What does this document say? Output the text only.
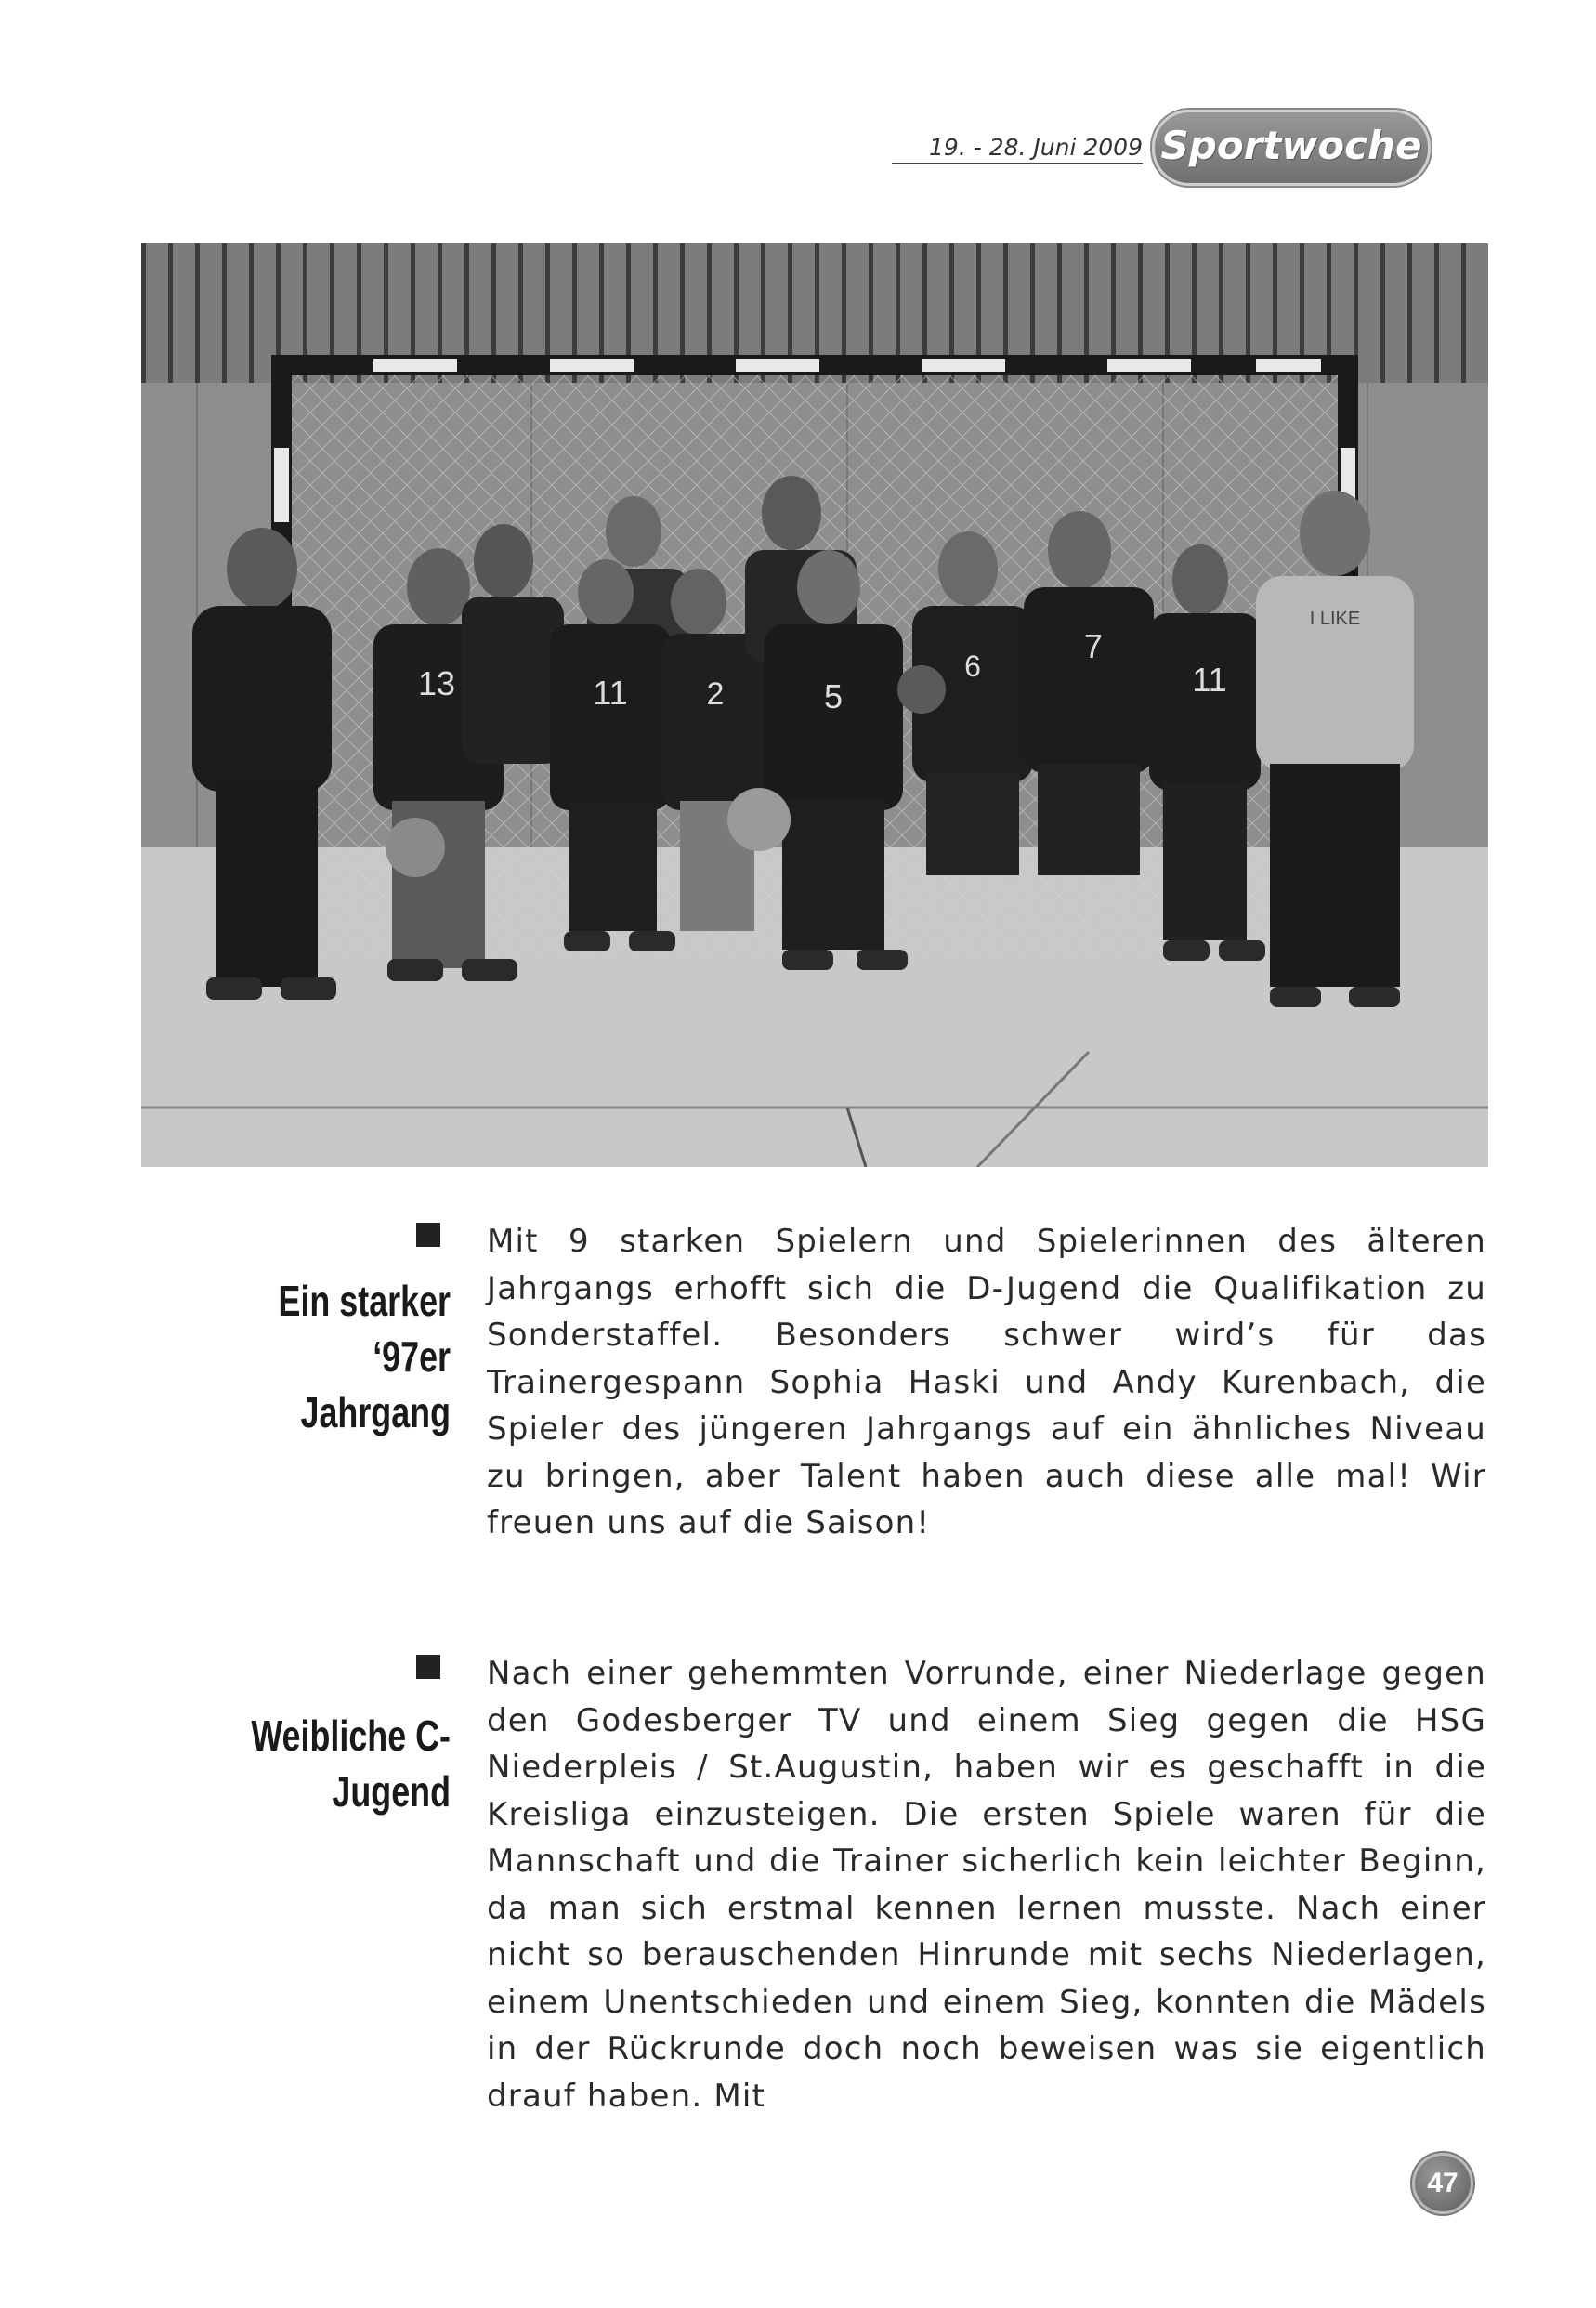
19. - 28. Juni 2009 Sportwoche
13	11 2	5
6
7
11
I LIKE
Ein starker ‘97er
Jahrgang
Mit 9 starken Spielern und Spielerinnen des älteren Jahrgangs erhofft sich die D-Jugend die Qualifikation zu Sonderstaffel. Besonders schwer wird’s für das Trainergespann Sophia Haski und Andy Kurenbach, die Spieler des jüngeren Jahrgangs auf ein ähnliches Niveau zu bringen, aber Talent haben auch diese alle mal! Wir freuen uns auf die Saison!
Weibliche C-
Jugend
Nach einer gehemmten Vorrunde, einer Niederlage gegen den Godesberger TV und einem Sieg gegen die HSG Niederpleis / St.Augustin, haben wir es geschafft in die Kreisliga einzusteigen. Die ersten Spiele waren für die Mannschaft und die Trainer sicherlich kein leichter Beginn, da man sich erstmal kennen lernen musste. Nach einer nicht so berauschenden Hinrunde mit sechs Niederlagen, einem Unentschieden und einem Sieg, konnten die Mädels in der Rückrunde doch noch beweisen was sie eigentlich drauf haben. Mit
47
